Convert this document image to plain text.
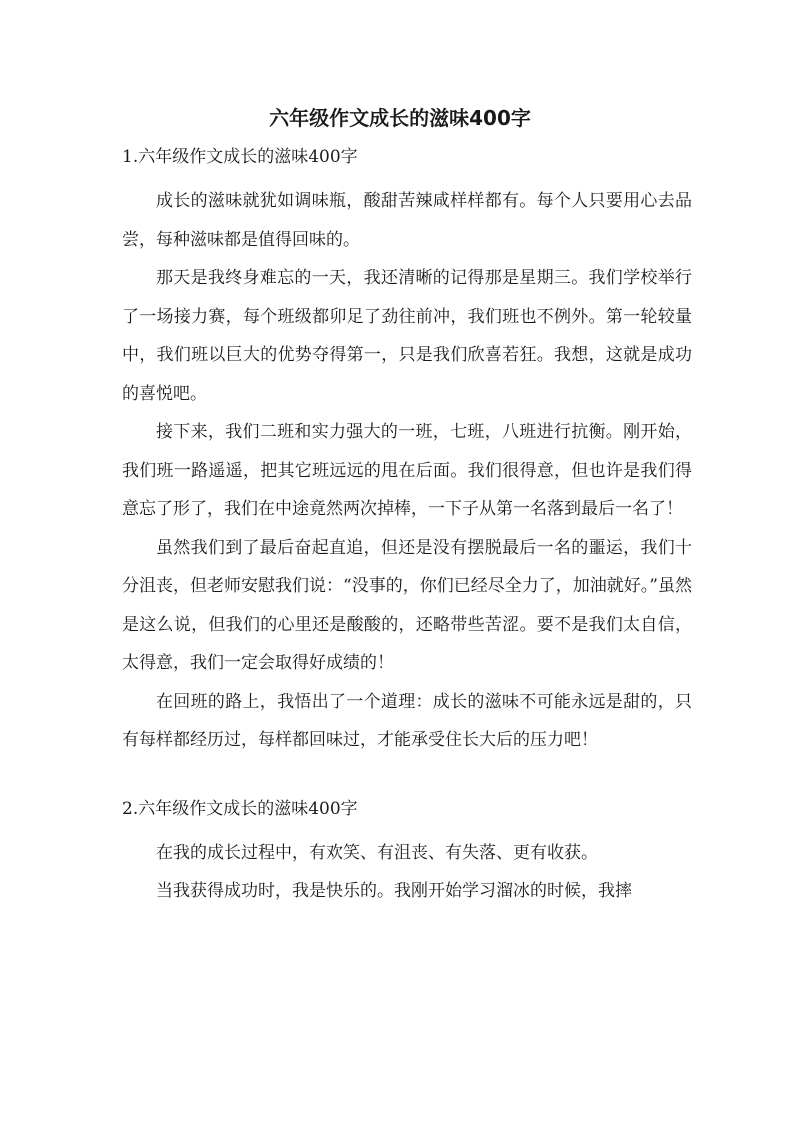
六年级作文成长的滋味400字

1.六年级作文成长的滋味400字

成长的滋味就犹如调味瓶，酸甜苦辣咸样样都有。每个人只要用心去品尝，每种滋味都是值得回味的。

那天是我终身难忘的一天，我还清晰的记得那是星期三。我们学校举行了一场接力赛，每个班级都卯足了劲往前冲，我们班也不例外。第一轮较量中，我们班以巨大的优势夺得第一，只是我们欣喜若狂。我想，这就是成功的喜悦吧。

接下来，我们二班和实力强大的一班，七班，八班进行抗衡。刚开始，我们班一路遥遥，把其它班远远的甩在后面。我们很得意，但也许是我们得意忘了形了，我们在中途竟然两次掉棒，一下子从第一名落到最后一名了！

虽然我们到了最后奋起直追，但还是没有摆脱最后一名的噩运，我们十分沮丧，但老师安慰我们说：“没事的，你们已经尽全力了，加油就好。”虽然是这么说，但我们的心里还是酸酸的，还略带些苦涩。要不是我们太自信，太得意，我们一定会取得好成绩的！

在回班的路上，我悟出了一个道理：成长的滋味不可能永远是甜的，只有每样都经历过，每样都回味过，才能承受住长大后的压力吧！

2.六年级作文成长的滋味400字

在我的成长过程中，有欢笑、有沮丧、有失落、更有收获。

当我获得成功时，我是快乐的。我刚开始学习溜冰的时候，我摔
